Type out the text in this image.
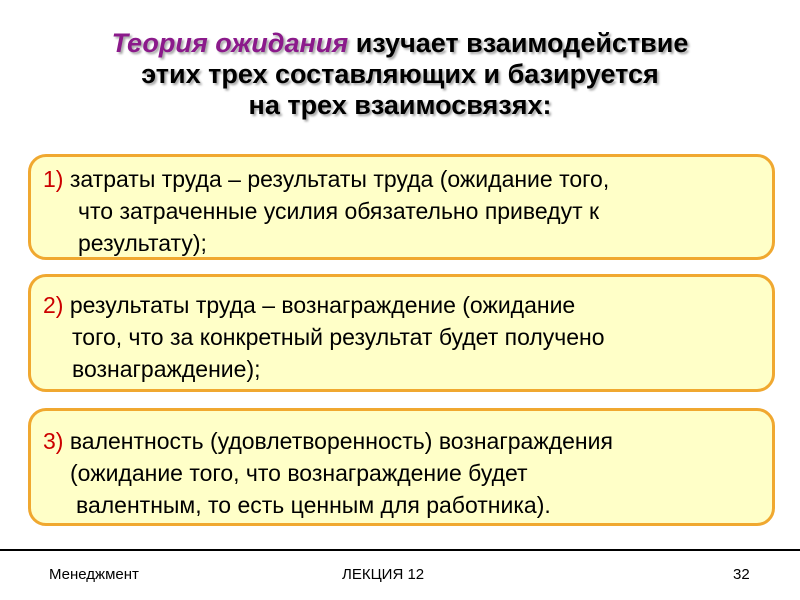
Теория ожидания изучает взаимодействие
этих трех составляющих и базируется
на трех взаимосвязях:
1) затраты труда – результаты труда (ожидание того,
что затраченные усилия обязательно приведут к
результату);
2) результаты труда – вознаграждение (ожидание
того, что за конкретный результат будет получено
вознаграждение);
3) валентность (удовлетворенность) вознаграждения
(ожидание того, что вознаграждение будет
валентным, то есть ценным для работника).
Менеджмент	ЛЕКЦИЯ 12	32
